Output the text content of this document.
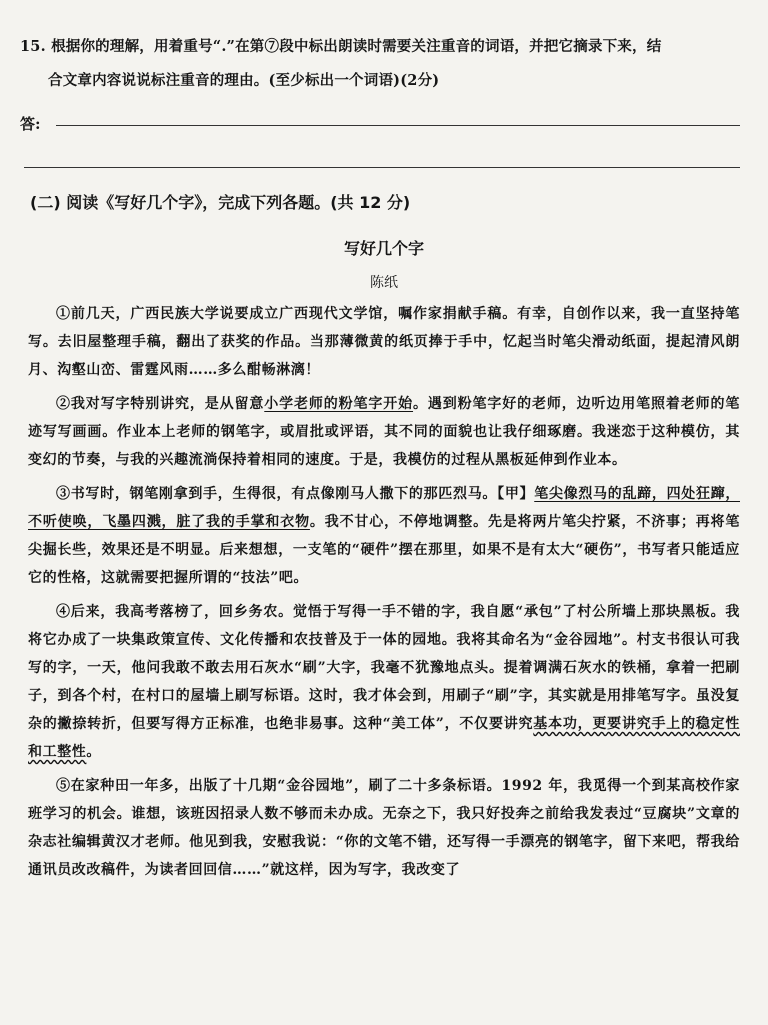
15. 根据你的理解，用着重号“.”在第⑦段中标出朗读时需要关注重音的词语，并把它摘录下来，结
合文章内容说说标注重音的理由。(至少标出一个词语)(2分)
答:
(二) 阅读《写好几个字》，完成下列各题。(共 12 分)
写好几个字
陈纸

①前几天，广西民族大学说要成立广西现代文学馆，嘱作家捐献手稿。有幸，自创作以来，我一直坚持笔写。去旧屋整理手稿，翻出了获奖的作品。当那薄微黄的纸页捧于手中，忆起当时笔尖滑动纸面，提起清风朗月、沟壑山峦、雷霆风雨……多么酣畅淋漓！

②我对写字特别讲究，是从留意小学老师的粉笔字开始。遇到粉笔字好的老师，边听边用笔照着老师的笔迹写写画画。作业本上老师的钢笔字，或眉批或评语，其不同的面貌也让我仔细琢磨。我迷恋于这种模仿，其变幻的节奏，与我的兴趣流淌保持着相同的速度。于是，我模仿的过程从黑板延伸到作业本。

③书写时，钢笔刚拿到手，生得很，有点像刚马人撒下的那匹烈马。【甲】笔尖像烈马的乱蹄，四处狂蹿，不听使唤，飞墨四溅，脏了我的手掌和衣物。我不甘心，不停地调整。先是将两片笔尖拧紧，不济事；再将笔尖掘长些，效果还是不明显。后来想想，一支笔的“硬件”摆在那里，如果不是有太大“硬伤”，书写者只能适应它的性格，这就需要把握所谓的“技法”吧。

④后来，我高考落榜了，回乡务农。觉悟于写得一手不错的字，我自愿“承包”了村公所墙上那块黑板。我将它办成了一块集政策宣传、文化传播和农技普及于一体的园地。我将其命名为“金谷园地”。村支书很认可我写的字，一天，他问我敢不敢去用石灰水“刷”大字，我毫不犹豫地点头。提着调满石灰水的铁桶，拿着一把刷子，到各个村，在村口的屋墙上刷写标语。这时，我才体会到，用刷子“刷”字，其实就是用排笔写字。虽没复杂的撇捺转折，但要写得方正标准，也绝非易事。这种“美工体”，不仅要讲究基本功，更要讲究手上的稳定性和工整性。

⑤在家种田一年多，出版了十几期“金谷园地”，刷了二十多条标语。1992 年，我觅得一个到某高校作家班学习的机会。谁想，该班因招录人数不够而未办成。无奈之下，我只好投奔之前给我发表过“豆腐块”文章的杂志社编辑黄汉才老师。他见到我，安慰我说：“你的文笔不错，还写得一手漂亮的钢笔字，留下来吧，帮我给通讯员改改稿件，为读者回回信……”就这样，因为写字，我改变了
